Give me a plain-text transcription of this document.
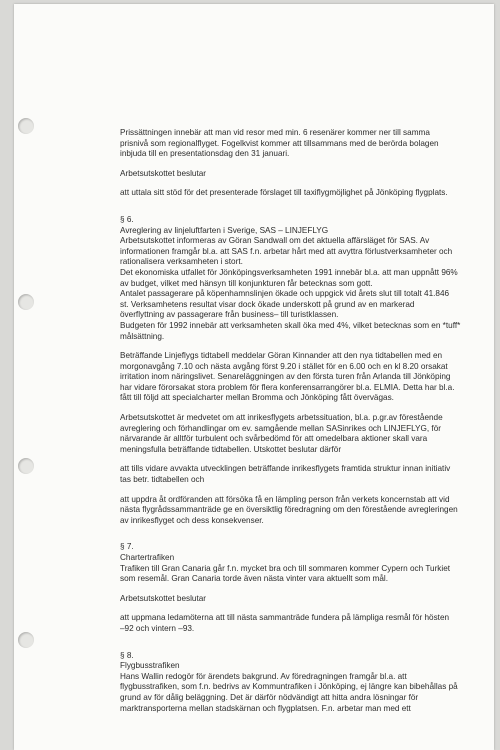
Prissättningen innebär att man vid resor med min. 6 resenärer kommer ner till samma
prisnivå som regionalflyget. Fogelkvist kommer att tillsammans med de berörda bolagen
inbjuda till en presentationsdag den 31 januari.

Arbetsutskottet beslutar

att uttala sitt stöd för det presenterade förslaget till taxiflygmöjlighet på Jönköping flygplats.

§ 6.
Avreglering av linjeluftfarten i Sverige, SAS – LINJEFLYG
Arbetsutskottet informeras av Göran Sandwall om det aktuella affärsläget för SAS. Av
informationen framgår bl.a. att SAS f.n. arbetar hårt med att avyttra förlustverksamheter och
rationalisera verksamheten i stort.
Det ekonomiska utfallet för Jönköpingsverksamheten 1991 innebär bl.a. att man uppnått 96%
av budget, vilket med hänsyn till konjunkturen får betecknas som gott.
Antalet passagerare på köpenhamnslinjen ökade och uppgick vid årets slut till totalt 41.846
st. Verksamhetens resultat visar dock ökade underskott på grund av en markerad
överflyttning av passagerare från business– till turistklassen.
Budgeten för 1992 innebär att verksamheten skall öka med 4%, vilket betecknas som en *tuff*
målsättning.

Beträffande Linjeflygs tidtabell meddelar Göran Kinnander att den nya tidtabellen med en
morgonavgång 7.10 och nästa avgång först 9.20 i stället för en 6.00 och en kl 8.20 orsakat
irritation inom näringslivet. Senareläggningen av den första turen från Arlanda till Jönköping
har vidare förorsakat stora problem för flera konferensarrangörer bl.a. ELMIA. Detta har bl.a.
fått till följd att specialcharter mellan Bromma och Jönköping fått övervägas.

Arbetsutskottet är medvetet om att inrikesflygets arbetssituation, bl.a. p.gr.av förestående
avreglering och förhandlingar om ev. samgående mellan SASinrikes och LINJEFLYG, för
närvarande är alltför turbulent och svårbedömd för att omedelbara aktioner skall vara
meningsfulla beträffande tidtabellen. Utskottet beslutar därför

att tills vidare avvakta utvecklingen beträffande inrikesflygets framtida struktur innan initiativ
tas betr. tidtabellen och

att uppdra åt ordföranden att försöka få en lämpling person från verkets koncernstab att vid
nästa flygrådssammanträde ge en översiktlig föredragning om den förestående avregleringen
av inrikesflyget och dess konsekvenser.

§ 7.
Chartertrafiken
Trafiken till Gran Canaria går f.n. mycket bra och till sommaren kommer Cypern och Turkiet
som resemål. Gran Canaria torde även nästa vinter vara aktuellt som mål.

Arbetsutskottet beslutar

att uppmana ledamöterna att till nästa sammanträde fundera på lämpliga resmål för hösten
–92 och vintern –93.

§ 8.
Flygbusstrafiken
Hans Wallin redogör för ärendets bakgrund. Av föredragningen framgår bl.a. att
flygbusstrafiken, som f.n. bedrivs av Kommuntrafiken i Jönköping, ej längre kan bibehållas på
grund av för dålig beläggning. Det är därför nödvändigt att hitta andra lösningar för
marktransporterna mellan stadskärnan och flygplatsen. F.n. arbetar man med ett
